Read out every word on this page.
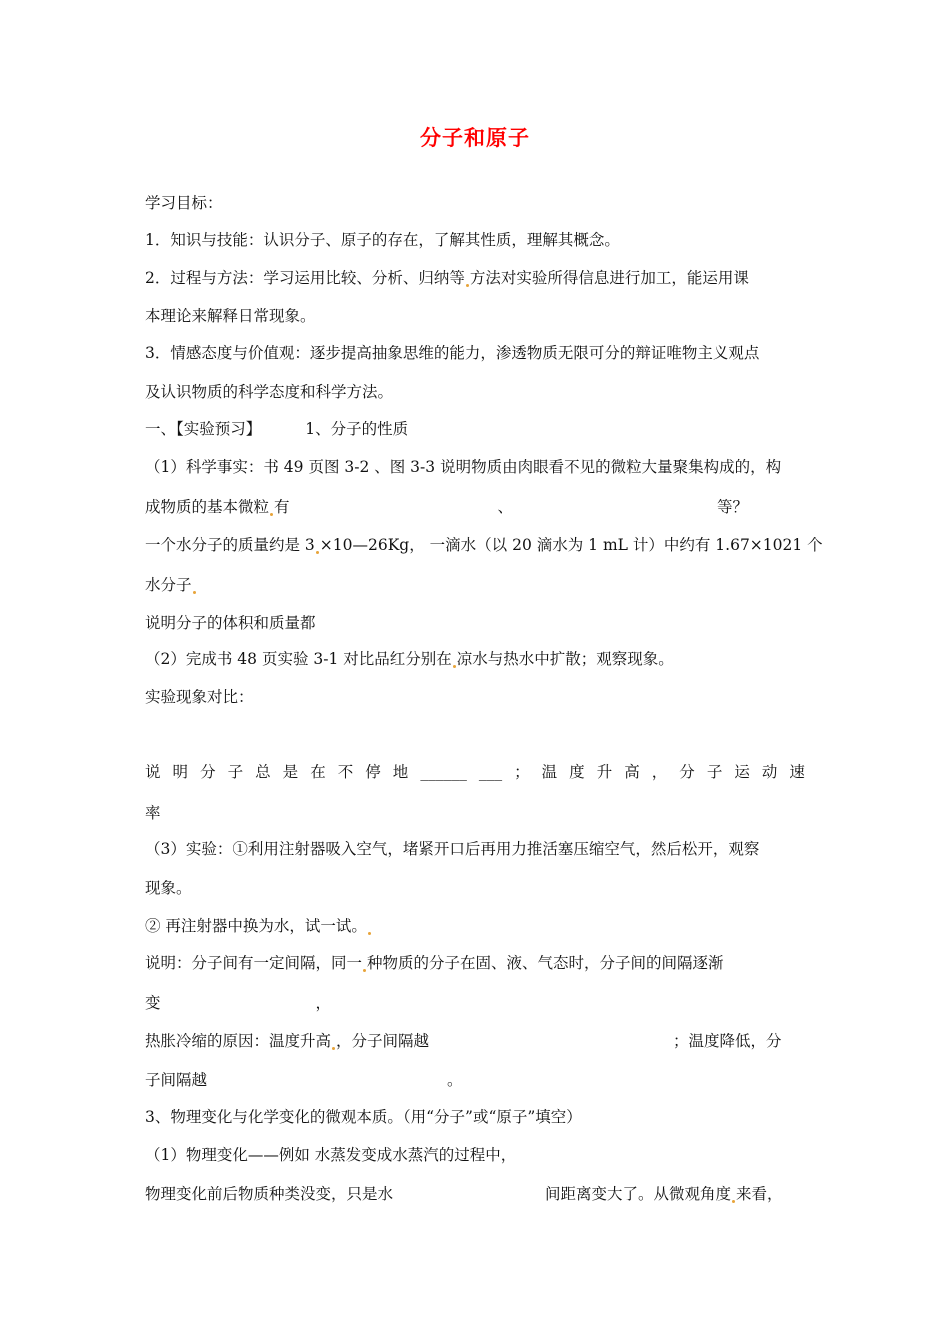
分子和原子
学习目标：
1．知识与技能：认识分子、原子的存在，了解其性质，理解其概念。
2．过程与方法：学习运用比较、分析、归纳等 方法对实验所得信息进行加工，能运用课
本理论来解释日常现象。
3．情感态度与价值观：逐步提高抽象思维的能力，渗透物质无限可分的辩证唯物主义观点
及认识物质的科学态度和科学方法。
一、【实验预习】	1、分子的性质
（1）科学事实：书 49 页图 3-2 、图 3-3 说明物质由肉眼看不见的微粒大量聚集构成的，构
成物质的基本微粒 有	、	等？
一个水分子的质量约是 3 ×10—26Kg， 一滴水（以 20 滴水为 1 mL 计）中约有 1.67×1021 个
水分子
说明分子的体积和质量都
（2）完成书 48 页实验 3-1 对比品红分别在 凉水与热水中扩散；观察现象。
实验现象对比：
说 明 分 子 总 是 在 不 停 地 ______ ___ ； 温 度 升 高 ， 分 子 运 动 速
率
（3）实验：①利用注射器吸入空气，堵紧开口后再用力推活塞压缩空气，然后松开，观察
现象。
② 再注射器中换为水，试一试。
说明：分子间有一定间隔，同一 种物质的分子在固、液、气态时，分子间的间隔逐渐
变	，
热胀冷缩的原因：温度升高 ，分子间隔越	；温度降低，分
子间隔越	。
3、物理变化与化学变化的微观本质。（用“分子”或“原子”填空）
（1）物理变化——例如 水蒸发变成水蒸汽的过程中，
物理变化前后物质种类没变，只是水	间距离变大了。从微观角度 来看，
